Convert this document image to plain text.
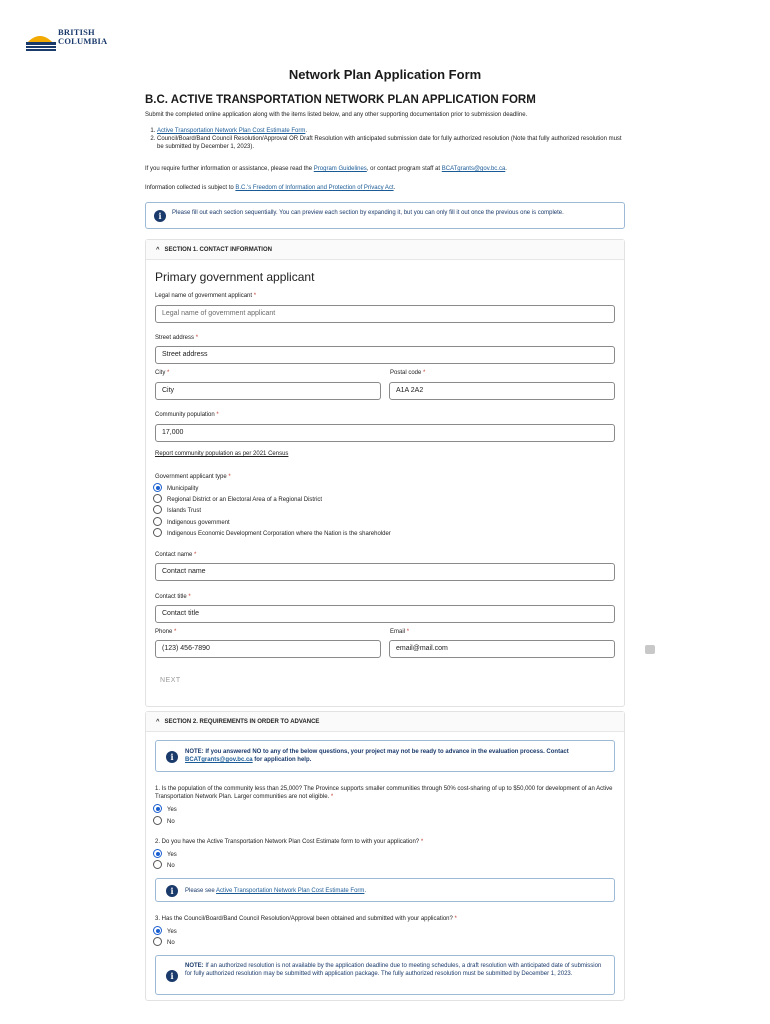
BRITISH
COLUMBIA
Network Plan Application Form
B.C. ACTIVE TRANSPORTATION NETWORK PLAN APPLICATION FORM
Submit the completed online application along with the items listed below, and any other supporting documentation prior to submission deadline.
1. Active Transportation Network Plan Cost Estimate Form.
2. Council/Board/Band Council Resolution/Approval OR Draft Resolution with anticipated submission date for fully authorized resolution (Note that fully authorized resolution must be submitted by December 1, 2023).
If you require further information or assistance, please read the Program Guidelines, or contact program staff at BCATgrants@gov.bc.ca.
Information collected is subject to B.C.'s Freedom of Information and Protection of Privacy Act.
i	Please fill out each section sequentially. You can preview each section by expanding it, but you can only fill it out once the previous one is complete.
^ SECTION 1. CONTACT INFORMATION
Primary government applicant
Legal name of government applicant *
Legal name of government applicant
Street address *
Street address
City *
City
Postal code *
A1A 2A2
Community population *
17,000
Report community population as per 2021 Census
Government applicant type *
Municipality
Regional District or an Electoral Area of a Regional District
Islands Trust
Indigenous government
Indigenous Economic Development Corporation where the Nation is the shareholder
Contact name *
Contact name
Contact title *
Contact title
Phone *
(123) 456-7890
Email *
email@mail.com
NEXT
^ SECTION 2. REQUIREMENTS IN ORDER TO ADVANCE
i	NOTE: If you answered NO to any of the below questions, your project may not be ready to advance in the evaluation process. Contact BCATgrants@gov.bc.ca for application help.
1. Is the population of the community less than 25,000? The Province supports smaller communities through 50% cost-sharing of up to $50,000 for development of an Active Transportation Network Plan. Larger communities are not eligible. *
Yes
No
2. Do you have the Active Transportation Network Plan Cost Estimate form to with your application? *
Yes
No
i	Please see Active Transportation Network Plan Cost Estimate Form.
3. Has the Council/Board/Band Council Resolution/Approval been obtained and submitted with your application? *
Yes
No
i
NOTE: If an authorized resolution is not available by the application deadline due to meeting schedules, a draft resolution with anticipated date of submission for fully authorized resolution may be submitted with application package. The fully authorized resolution must be submitted by December 1, 2023.
